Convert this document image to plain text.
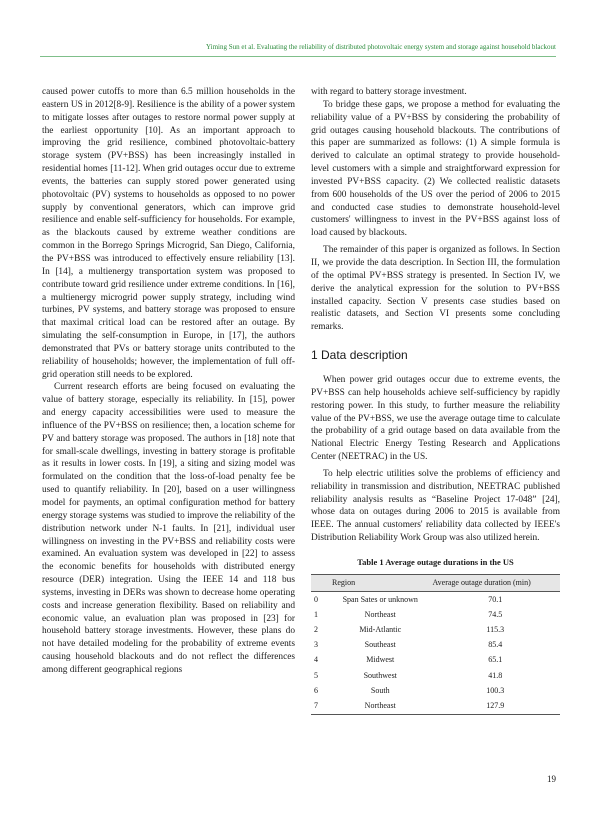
Yiming Sun et al. Evaluating the reliability of distributed photovoltaic energy system and storage against household blackout

caused power cutoffs to more than 6.5 million households in the eastern US in 2012[8-9]. Resilience is the ability of a power system to mitigate losses after outages to restore normal power supply at the earliest opportunity [10]. As an important approach to improving the grid resilience, combined photovoltaic-battery storage system (PV+BSS) has been increasingly installed in residential homes [11-12]. When grid outages occur due to extreme events, the batteries can supply stored power generated using photovoltaic (PV) systems to households as opposed to no power supply by conventional generators, which can improve grid resilience and enable self-sufficiency for households. For example, as the blackouts caused by extreme weather conditions are common in the Borrego Springs Microgrid, San Diego, California, the PV+BSS was introduced to effectively ensure reliability [13]. In [14], a multienergy transportation system was proposed to contribute toward grid resilience under extreme conditions. In [16], a multienergy microgrid power supply strategy, including wind turbines, PV systems, and battery storage was proposed to ensure that maximal critical load can be restored after an outage. By simulating the self-consumption in Europe, in [17], the authors demonstrated that PVs or battery storage units contributed to the reliability of households; however, the implementation of full off-grid operation still needs to be explored.

Current research efforts are being focused on evaluating the value of battery storage, especially its reliability. In [15], power and energy capacity accessibilities were used to measure the influence of the PV+BSS on resilience; then, a location scheme for PV and battery storage was proposed. The authors in [18] note that for small-scale dwellings, investing in battery storage is profitable as it results in lower costs. In [19], a siting and sizing model was formulated on the condition that the loss-of-load penalty fee be used to quantify reliability. In [20], based on a user willingness model for payments, an optimal configuration method for battery energy storage systems was studied to improve the reliability of the distribution network under N-1 faults. In [21], individual user willingness on investing in the PV+BSS and reliability costs were examined. An evaluation system was developed in [22] to assess the economic benefits for households with distributed energy resource (DER) integration. Using the IEEE 14 and 118 bus systems, investing in DERs was shown to decrease home operating costs and increase generation flexibility. Based on reliability and economic value, an evaluation plan was proposed in [23] for household battery storage investments. However, these plans do not have detailed modeling for the probability of extreme events causing household blackouts and do not reflect the differences among different geographical regions

with regard to battery storage investment.

To bridge these gaps, we propose a method for evaluating the reliability value of a PV+BSS by considering the probability of grid outages causing household blackouts. The contributions of this paper are summarized as follows: (1) A simple formula is derived to calculate an optimal strategy to provide household-level customers with a simple and straightforward expression for invested PV+BSS capacity. (2) We collected realistic datasets from 600 households of the US over the period of 2006 to 2015 and conducted case studies to demonstrate household-level customers' willingness to invest in the PV+BSS against loss of load caused by blackouts.

The remainder of this paper is organized as follows. In Section II, we provide the data description. In Section III, the formulation of the optimal PV+BSS strategy is presented. In Section IV, we derive the analytical expression for the solution to PV+BSS installed capacity. Section V presents case studies based on realistic datasets, and Section VI presents some concluding remarks.

1 Data description

When power grid outages occur due to extreme events, the PV+BSS can help households achieve self-sufficiency by rapidly restoring power. In this study, to further measure the reliability value of the PV+BSS, we use the average outage time to calculate the probability of a grid outage based on data available from the National Electric Energy Testing Research and Applications Center (NEETRAC) in the US.

To help electric utilities solve the problems of efficiency and reliability in transmission and distribution, NEETRAC published reliability analysis results as “Baseline Project 17-048” [24], whose data on outages during 2006 to 2015 is available from IEEE. The annual customers' reliability data collected by IEEE's Distribution Reliability Work Group was also utilized herein.

Table 1 Average outage durations in the US
	Region	Average outage duration (min)
0	Span Sates or unknown	70.1
1	Northeast	74.5
2	Mid-Atlantic	115.3
3	Southeast	85.4
4	Midwest	65.1
5	Southwest	41.8
6	South	100.3
7	Northeast	127.9
19
